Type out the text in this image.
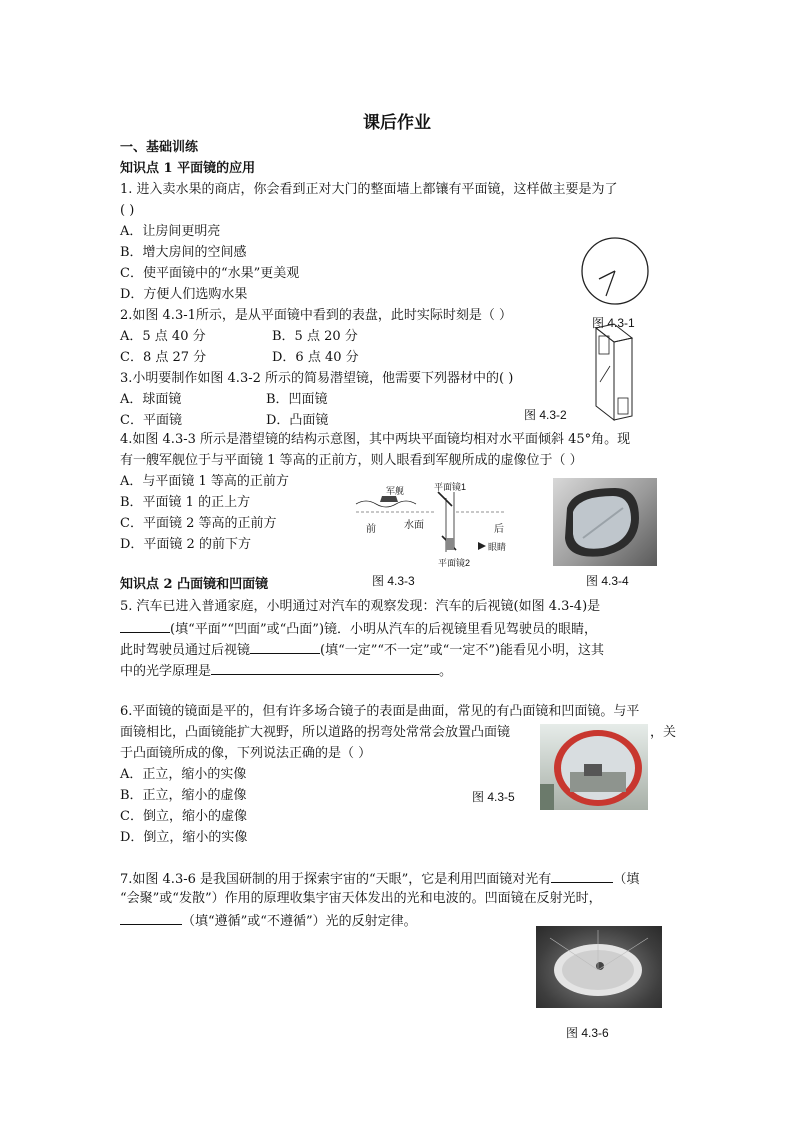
课后作业
一、基础训练
知识点 1 平面镜的应用
1. 进入卖水果的商店，你会看到正对大门的整面墙上都镶有平面镜，这样做主要是为了
( )
A．让房间更明亮
B．增大房间的空间感
C．使平面镜中的“水果”更美观
D．方便人们选购水果
2.如图 4.3-1所示，是从平面镜中看到的表盘，此时实际时刻是（ ）
A．5 点 40 分	B．5 点 20 分
C．8 点 27 分	D．6 点 40 分
3.小明要制作如图 4.3-2 所示的简易潜望镜，他需要下列器材中的( )
A．球面镜	B．凹面镜
C．平面镜	D．凸面镜
4.如图 4.3-3 所示是潜望镜的结构示意图，其中两块平面镜均相对水平面倾斜 45°角。现
有一艘军舰位于与平面镜 1 等高的正前方，则人眼看到军舰所成的虚像位于（ ）
A．与平面镜 1 等高的正前方
B．平面镜 1 的正上方
C．平面镜 2 等高的正前方
D．平面镜 2 的前下方
知识点 2 凸面镜和凹面镜
5. 汽车已进入普通家庭，小明通过对汽车的观察发现：汽车的后视镜(如图 4.3-4)是
(填“平面”“凹面”或“凸面”)镜．小明从汽车的后视镜里看见驾驶员的眼睛，
此时驾驶员通过后视镜	(填“一定”“不一定”或“一定不”)能看见小明，这其
中的光学原理是	。
6.平面镜的镜面是平的，但有许多场合镜子的表面是曲面，常见的有凸面镜和凹面镜。与平
面镜相比，凸面镜能扩大视野，所以道路的拐弯处常常会放置凸面镜	，关
于凸面镜所成的像，下列说法正确的是（ ）
A．正立，缩小的实像
B．正立，缩小的虚像
C．倒立，缩小的虚像
D．倒立，缩小的实像
7.如图 4.3-6 是我国研制的用于探索宇宙的“天眼”，它是利用凹面镜对光有	（填
“会聚”或“发散”）作用的原理收集宇宙天体发出的光和电波的。凹面镜在反射光时，
（填“遵循”或“不遵循”）光的反射定律。
图 4.3-1
图 4.3-2
军舰	平面镜1
前	水面	后
眼睛
平面镜2
图 4.3-3	图 4.3-4
图 4.3-5
图 4.3-6
